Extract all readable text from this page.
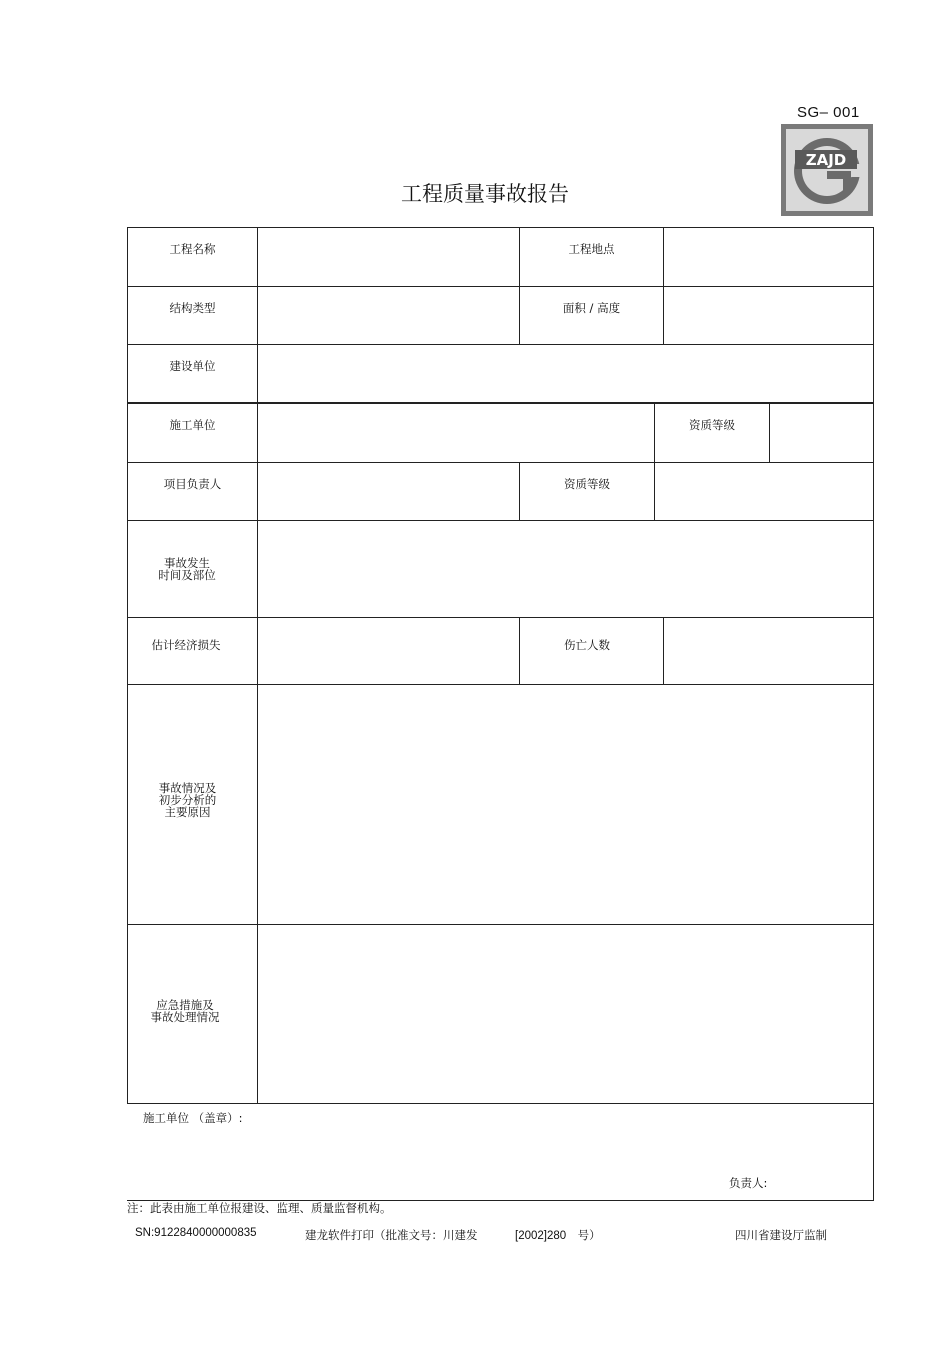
SG– 001
ZAJD
工程质量事故报告
工程名称	工程地点
结构类型	面积 / 高度
建设单位
施工单位	资质等级
项目负责人	资质等级
事故发生
时间及部位
估计经济损失	伤亡人数
事故情况及
初步分析的
主要原因
应急措施及
事故处理情况
施工单位 （盖章）:
负责人:
注：此表由施工单位报建设、监理、质量监督机构。
SN:9122840000000835	建龙软件打印（批准文号：川建发	[2002]280　号）	四川省建设厅监制
